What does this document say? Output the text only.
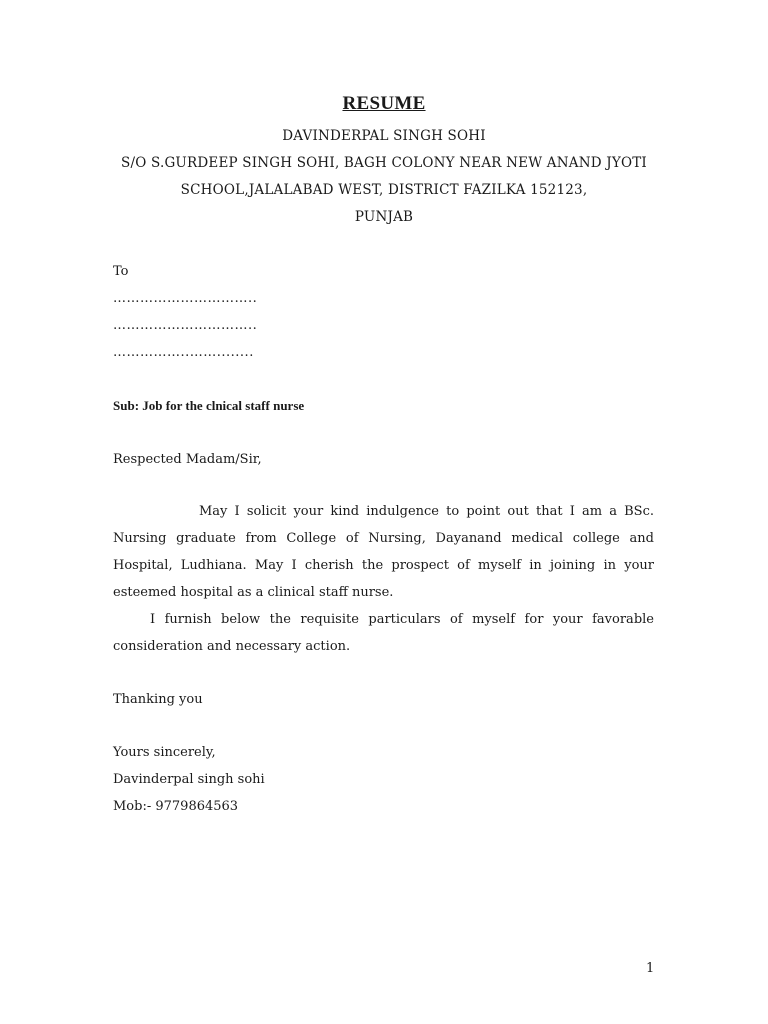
RESUME
DAVINDERPAL SINGH SOHI
S/O S.GURDEEP SINGH SOHI, BAGH COLONY NEAR NEW ANAND JYOTI
SCHOOL,JALALABAD WEST, DISTRICT FAZILKA 152123,
PUNJAB
To
…………………………..
…………………………..
……………..……........
Sub: Job for the clnical staff nurse
Respected Madam/Sir,
May I solicit your kind indulgence to point out that I am a BSc. Nursing graduate from College of Nursing, Dayanand medical college and Hospital, Ludhiana. May I cherish the prospect of myself in joining in your esteemed hospital as a clinical staff nurse.
I furnish below the requisite particulars of myself for your favorable consideration and necessary action.
Thanking you
Yours sincerely,
Davinderpal singh sohi
Mob:- 9779864563
1
